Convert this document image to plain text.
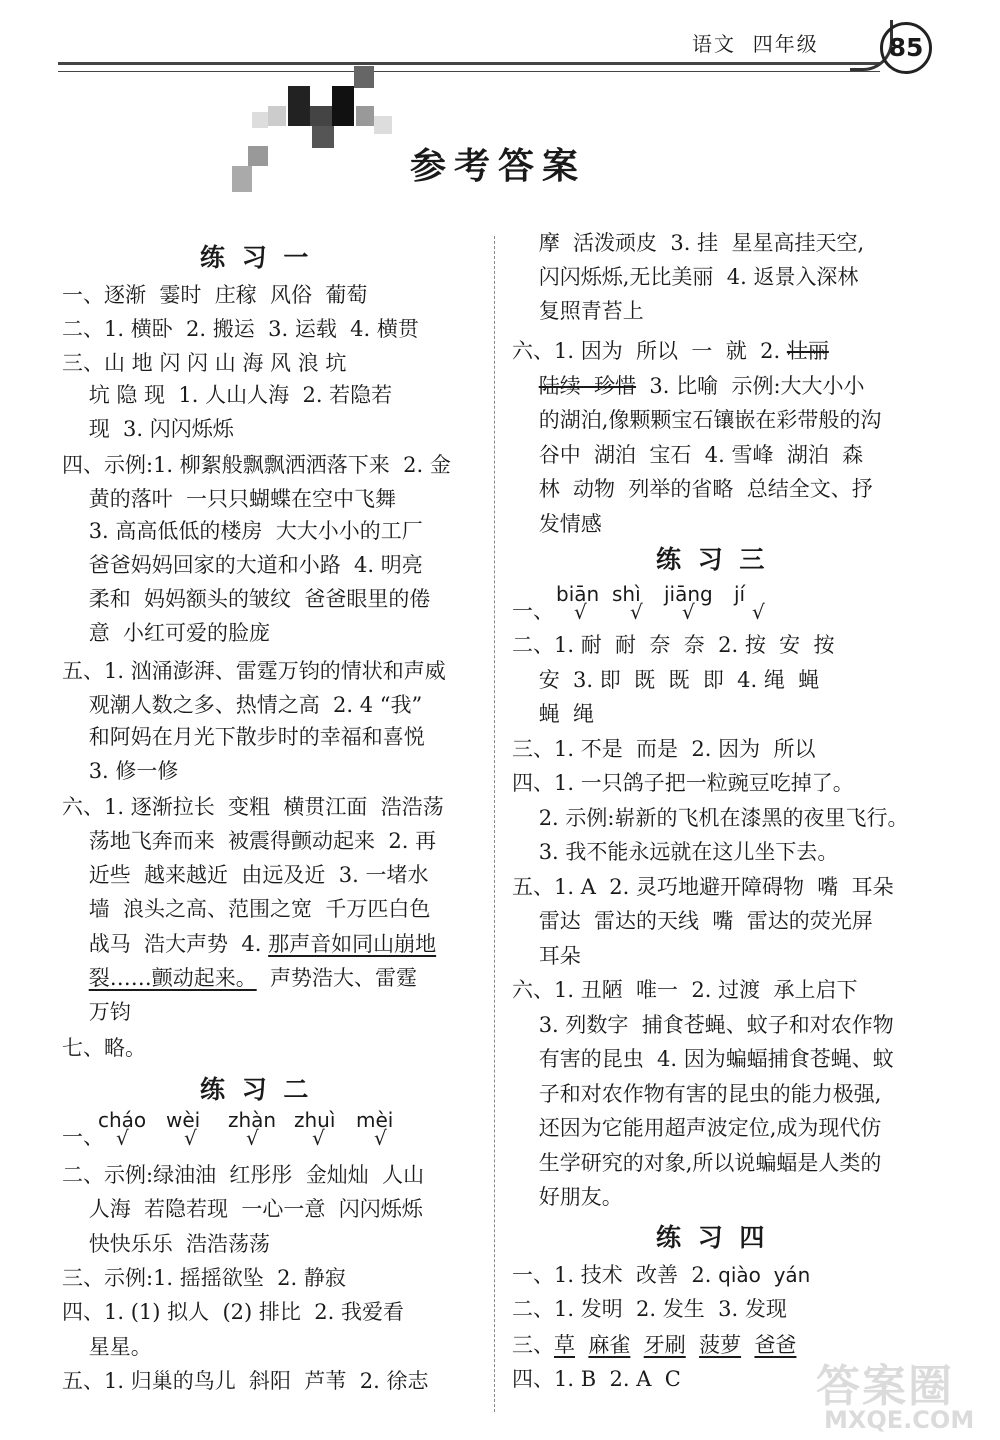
语文  四年级	85
参考答案
练 习 一
一、逐渐  霎时  庄稼  风俗  葡萄
二、1. 横卧  2. 搬运  3. 运载  4. 横贯
三、山 地 闪 闪 山 海 风 浪 坑
坑 隐 现  1. 人山人海  2. 若隐若
现  3. 闪闪烁烁
四、示例:1. 柳絮般飘飘洒洒落下来  2. 金
黄的落叶  一只只蝴蝶在空中飞舞
3. 高高低低的楼房  大大小小的工厂
爸爸妈妈回家的大道和小路  4. 明亮
柔和  妈妈额头的皱纹  爸爸眼里的倦
意  小红可爱的脸庞
五、1. 汹涌澎湃、雷霆万钧的情状和声威
观潮人数之多、热情之高  2. 4 “我”
和阿妈在月光下散步时的幸福和喜悦
3. 修一修
六、1. 逐渐拉长  变粗  横贯江面  浩浩荡
荡地飞奔而来  被震得颤动起来  2. 再
近些  越来越近  由远及近  3. 一堵水
墙  浪头之高、范围之宽  千万匹白色
战马  浩大声势  4. 那声音如同山崩地
裂……颤动起来。  声势浩大、雷霆
万钧
七、略。
练 习 二
一、
cháo
√
wèi
√
zhàn
√
zhuì
√
mèi
√
二、示例:绿油油  红彤彤  金灿灿  人山
人海  若隐若现  一心一意  闪闪烁烁
快快乐乐  浩浩荡荡
三、示例:1. 摇摇欲坠  2. 静寂
四、1. (1) 拟人  (2) 排比  2. 我爱看
星星。
五、1. 归巢的鸟儿  斜阳  芦苇  2. 徐志
摩  活泼顽皮  3. 挂  星星高挂天空,
闪闪烁烁,无比美丽  4. 返景入深林
复照青苔上
六、1. 因为  所以  一  就  2. 壮丽
陆续  珍惜  3. 比喻  示例:大大小小
的湖泊,像颗颗宝石镶嵌在彩带般的沟
谷中  湖泊  宝石  4. 雪峰  湖泊  森
林  动物  列举的省略  总结全文、抒
发情感
练 习 三
一、
biān
√
shì
√
jiāng
√
jí
√
二、1. 耐  耐  奈  奈  2. 按  安  按
安  3. 即  既  既  即  4. 绳  蝇
蝇  绳
三、1. 不是  而是  2. 因为  所以
四、1. 一只鸽子把一粒豌豆吃掉了。
2. 示例:崭新的飞机在漆黑的夜里飞行。
3. 我不能永远就在这儿坐下去。
五、1. A  2. 灵巧地避开障碍物  嘴  耳朵
雷达  雷达的天线  嘴  雷达的荧光屏
耳朵
六、1. 丑陋  唯一  2. 过渡  承上启下
3. 列数字  捕食苍蝇、蚊子和对农作物
有害的昆虫  4. 因为蝙蝠捕食苍蝇、蚊
子和对农作物有害的昆虫的能力极强,
还因为它能用超声波定位,成为现代仿
生学研究的对象,所以说蝙蝠是人类的
好朋友。
练 习 四
一、1. 技术  改善  2. qiào  yán
二、1. 发明  2. 发生  3. 发现
三、草 麻雀 牙刷 菠萝 爸爸
四、1. B  2. A  C	答案圈
MXQE.COM
